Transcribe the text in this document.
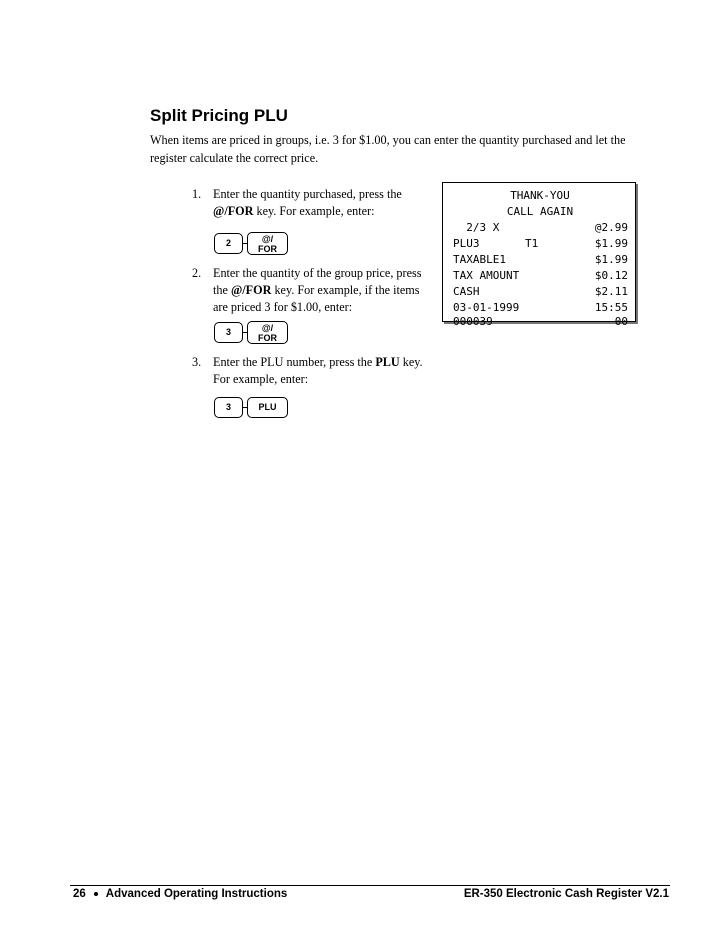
Split Pricing PLU
When items are priced in groups, i.e. 3 for $1.00, you can enter the quantity purchased and let the register calculate the correct price.
1. Enter the quantity purchased, press the @/FOR key. For example, enter:
2	@/
FOR
2. Enter the quantity of the group price, press the @/FOR key. For example, if the items are priced 3 for $1.00, enter:
3	@/
FOR
3. Enter the PLU number, press the PLU key. For example, enter:
3	PLU
THANK-YOU
CALL AGAIN
2/3 X	@2.99
PLU3	T1	$1.99
TAXABLE1	$1.99
TAX AMOUNT	$0.12
CASH	$2.11
03-01-1999	15:55
000039	00
26 Advanced Operating Instructions	ER-350 Electronic Cash Register V2.1
